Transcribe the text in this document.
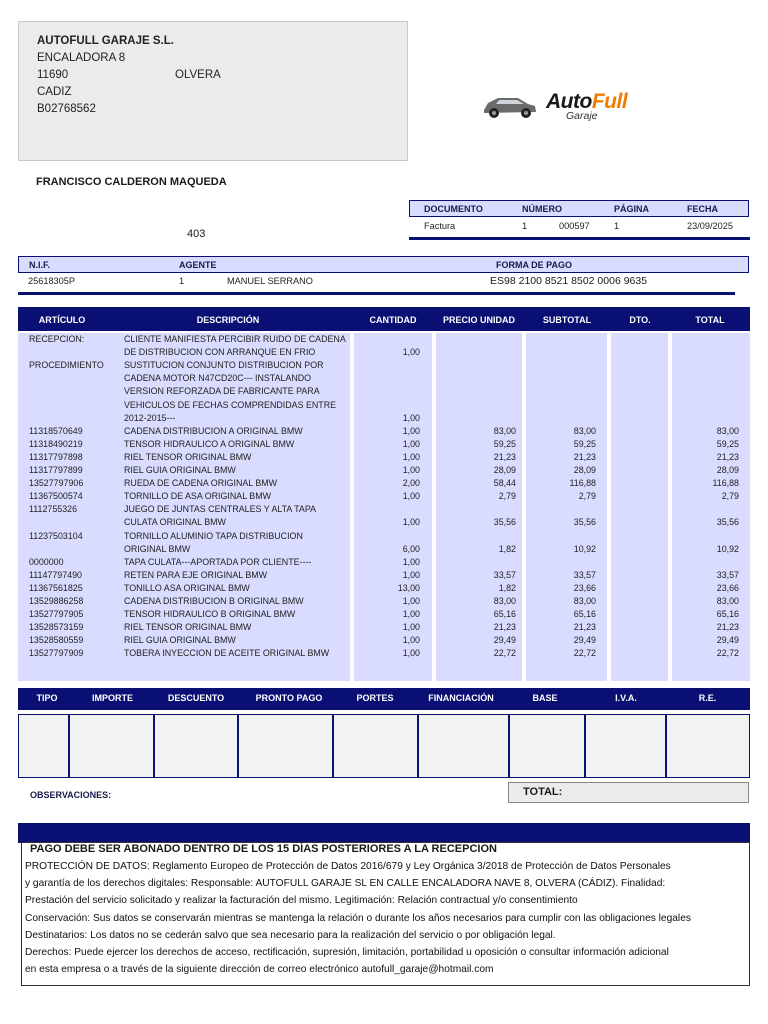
AUTOFULL GARAJE S.L.
ENCALADORA 8
11690	OLVERA
CADIZ
B02768562	AutoFull
Garaje
FRANCISCO CALDERON MAQUEDA
403
DOCUMENTO	NÚMERO	PÁGINA	FECHA
Factura	1	000597	1	23/09/2025
N.I.F.	AGENTE	FORMA DE PAGO
25618305P	1	MANUEL SERRANO	ES98 2100 8521 8502 0006 9635
ARTÍCULO	DESCRIPCIÓN	CANTIDAD	PRECIO UNIDAD	SUBTOTAL	DTO.	TOTAL
RECEPCION:	CLIENTE MANIFIESTA PERCIBIR RUIDO DE CADENA
DE DISTRIBUCION CON ARRANQUE EN FRIO	1,00
PROCEDIMIENTO	SUSTITUCION CONJUNTO DISTRIBUCION POR
CADENA MOTOR N47CD20C--- INSTALANDO
VERSION REFORZADA DE FABRICANTE PARA
VEHICULOS DE FECHAS COMPRENDIDAS ENTRE
2012-2015---	1,00
11318570649	CADENA DISTRIBUCION A ORIGINAL BMW	1,00	83,00	83,00	83,00
11318490219	TENSOR HIDRAULICO A ORIGINAL BMW	1,00	59,25	59,25	59,25
11317797898	RIEL TENSOR ORIGINAL BMW	1,00	21,23	21,23	21,23
11317797899	RIEL GUIA ORIGINAL BMW	1,00	28,09	28,09	28,09
13527797906	RUEDA DE CADENA ORIGINAL BMW	2,00	58,44	116,88	116,88
11367500574	TORNILLO DE ASA ORIGINAL BMW	1,00	2,79	2,79	2,79
1112755326	JUEGO DE JUNTAS CENTRALES Y ALTA TAPA
CULATA ORIGINAL BMW	1,00	35,56	35,56	35,56
11237503104	TORNILLO ALUMINIO TAPA DISTRIBUCION
ORIGINAL BMW	6,00	1,82	10,92	10,92
0000000	TAPA CULATA---APORTADA POR CLIENTE----	1,00
11147797490	RETEN PARA EJE ORIGINAL BMW	1,00	33,57	33,57	33,57
11367561825	TONILLO ASA ORIGINAL BMW	13,00	1,82	23,66	23,66
13529886258	CADENA DISTRIBUCION B ORIGINAL BMW	1,00	83,00	83,00	83,00
13527797905	TENSOR HIDRAULICO B ORIGINAL BMW	1,00	65,16	65,16	65,16
13528573159	RIEL TENSOR ORIGINAL BMW	1,00	21,23	21,23	21,23
13528580559	RIEL GUIA ORIGINAL BMW	1,00	29,49	29,49	29,49
13527797909	TOBERA INYECCION DE ACEITE ORIGINAL BMW	1,00	22,72	22,72	22,72
TIPO	IMPORTE	DESCUENTO	PRONTO PAGO	PORTES	FINANCIACIÓN	BASE	I.V.A.	R.E.
OBSERVACIONES:	TOTAL:
PAGO DEBE SER ABONADO DENTRO DE LOS 15 DÍAS POSTERIORES A LA RECEPCION
PROTECCIÓN DE DATOS: Reglamento Europeo de Protección de Datos 2016/679 y Ley Orgánica 3/2018 de Protección de Datos Personales
y garantía de los derechos digitales: Responsable: AUTOFULL GARAJE SL EN CALLE ENCALADORA NAVE 8, OLVERA (CÁDIZ). Finalidad:
Prestación del servicio solicitado y realizar la facturación del mismo. Legitimación: Relación contractual y/o consentimiento
Conservación: Sus datos se conservarán mientras se mantenga la relación o durante los años necesarios para cumplir con las obligaciones legales
Destinatarios: Los datos no se cederán salvo que sea necesario para la realización del servicio o por obligación legal.
Derechos: Puede ejercer los derechos de acceso, rectificación, supresión, limitación, portabilidad u oposición o consultar información adicional
en esta empresa o a través de la siguiente dirección de correo electrónico autofull_garaje@hotmail.com
